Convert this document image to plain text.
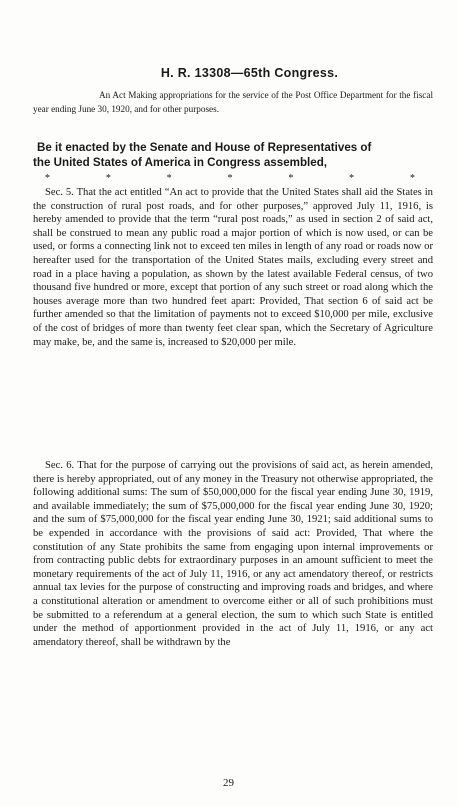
H. R. 13308—65th Congress.
An Act Making appropriations for the service of the Post Office Department for the fiscal year ending June 30, 1920, and for other purposes.
Be it enacted by the Senate and House of Representatives of
the United States of America in Congress assembled,
*	*	*	*	*	*	*
Sec. 5. That the act entitled “An act to provide that the United States shall aid the States in the construction of rural post roads, and for other purposes,” approved July 11, 1916, is hereby amended to provide that the term “rural post roads,” as used in section 2 of said act, shall be construed to mean any public road a major portion of which is now used, or can be used, or forms a connecting link not to exceed ten miles in length of any road or roads now or hereafter used for the transportation of the United States mails, excluding every street and road in a place having a population, as shown by the latest available Federal census, of two thousand five hundred or more, except that portion of any such street or road along which the houses average more than two hundred feet apart: Provided, That section 6 of said act be further amended so that the limitation of payments not to exceed $10,000 per mile, exclusive of the cost of bridges of more than twenty feet clear span, which the Secretary of Agriculture may make, be, and the same is, increased to $20,000 per mile.
Sec. 6. That for the purpose of carrying out the provisions of said act, as herein amended, there is hereby appropriated, out of any money in the Treasury not otherwise appropriated, the following additional sums: The sum of $50,000,000 for the fiscal year ending June 30, 1919, and available immediately; the sum of $75,000,000 for the fiscal year ending June 30, 1920; and the sum of $75,000,000 for the fiscal year ending June 30, 1921; said additional sums to be expended in accordance with the provisions of said act: Provided, That where the constitution of any State prohibits the same from engaging upon internal improvements or from contracting public debts for extraordinary purposes in an amount sufficient to meet the monetary requirements of the act of July 11, 1916, or any act amendatory thereof, or restricts annual tax levies for the purpose of constructing and improving roads and bridges, and where a constitutional alteration or amendment to overcome either or all of such prohibitions must be submitted to a referendum at a general election, the sum to which such State is entitled under the method of apportionment provided in the act of July 11, 1916, or any act amendatory thereof, shall be withdrawn by the
29
